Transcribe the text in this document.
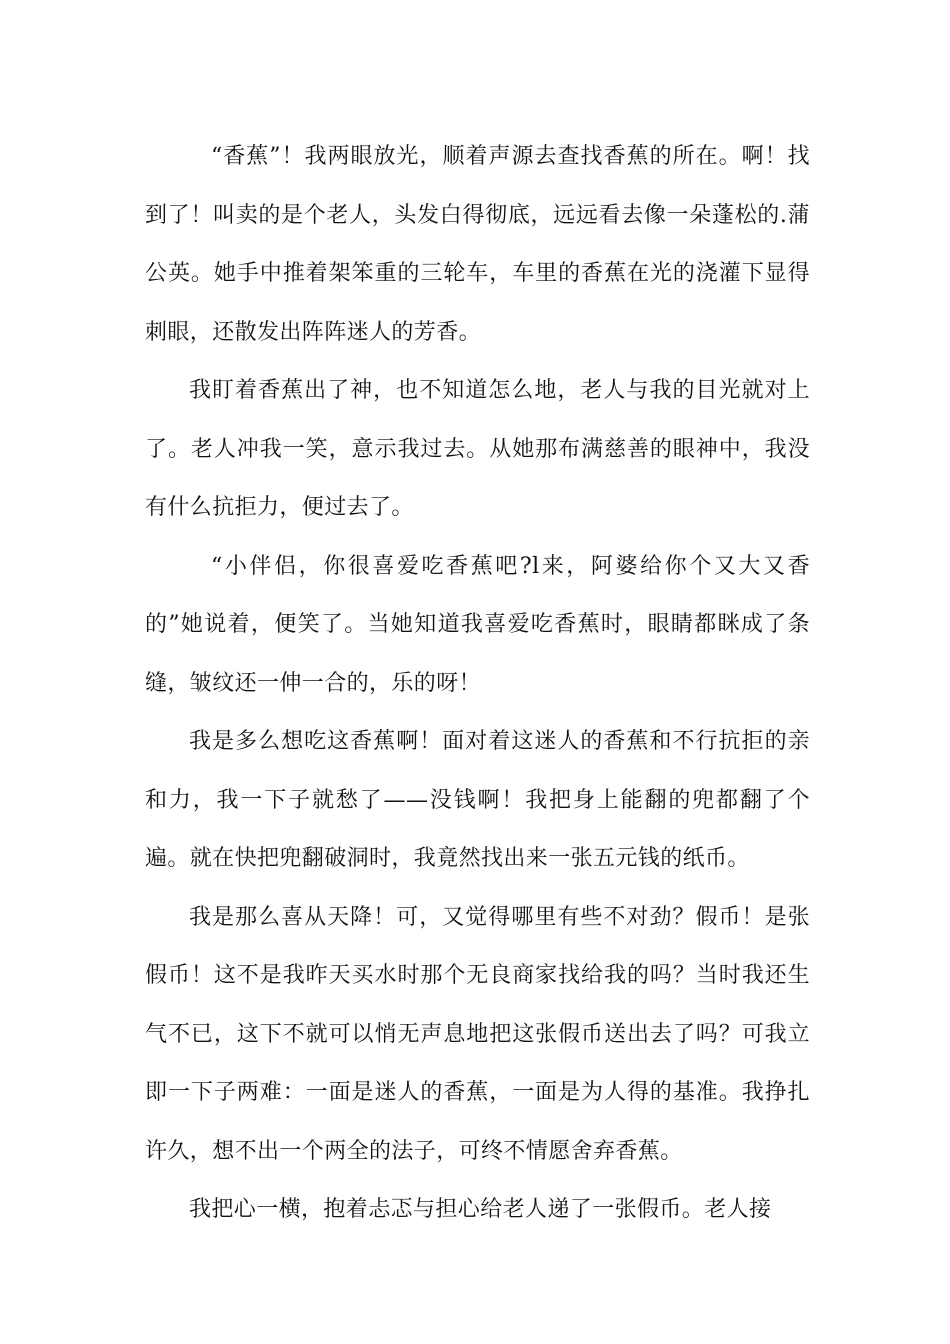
“香蕉”！我两眼放光，顺着声源去查找香蕉的所在。啊！找到了！叫卖的是个老人，头发白得彻底，远远看去像一朵蓬松的.蒲公英。她手中推着架笨重的三轮车，车里的香蕉在光的浇灌下显得刺眼，还散发出阵阵迷人的芳香。

我盯着香蕉出了神，也不知道怎么地，老人与我的目光就对上了。老人冲我一笑，意示我过去。从她那布满慈善的眼神中，我没有什么抗拒力，便过去了。

“小伴侣，你很喜爱吃香蕉吧?l来，阿婆给你个又大又香的”她说着，便笑了。当她知道我喜爱吃香蕉时，眼睛都眯成了条缝，皱纹还一伸一合的，乐的呀！

我是多么想吃这香蕉啊！面对着这迷人的香蕉和不行抗拒的亲和力，我一下子就愁了——没钱啊！我把身上能翻的兜都翻了个遍。就在快把兜翻破洞时，我竟然找出来一张五元钱的纸币。

我是那么喜从天降！可，又觉得哪里有些不对劲？假币！是张假币！这不是我昨天买水时那个无良商家找给我的吗？当时我还生气不已，这下不就可以悄无声息地把这张假币送出去了吗？可我立即一下子两难：一面是迷人的香蕉，一面是为人得的基准。我挣扎许久，想不出一个两全的法子，可终不情愿舍弃香蕉。

我把心一横，抱着忐忑与担心给老人递了一张假币。老人接
